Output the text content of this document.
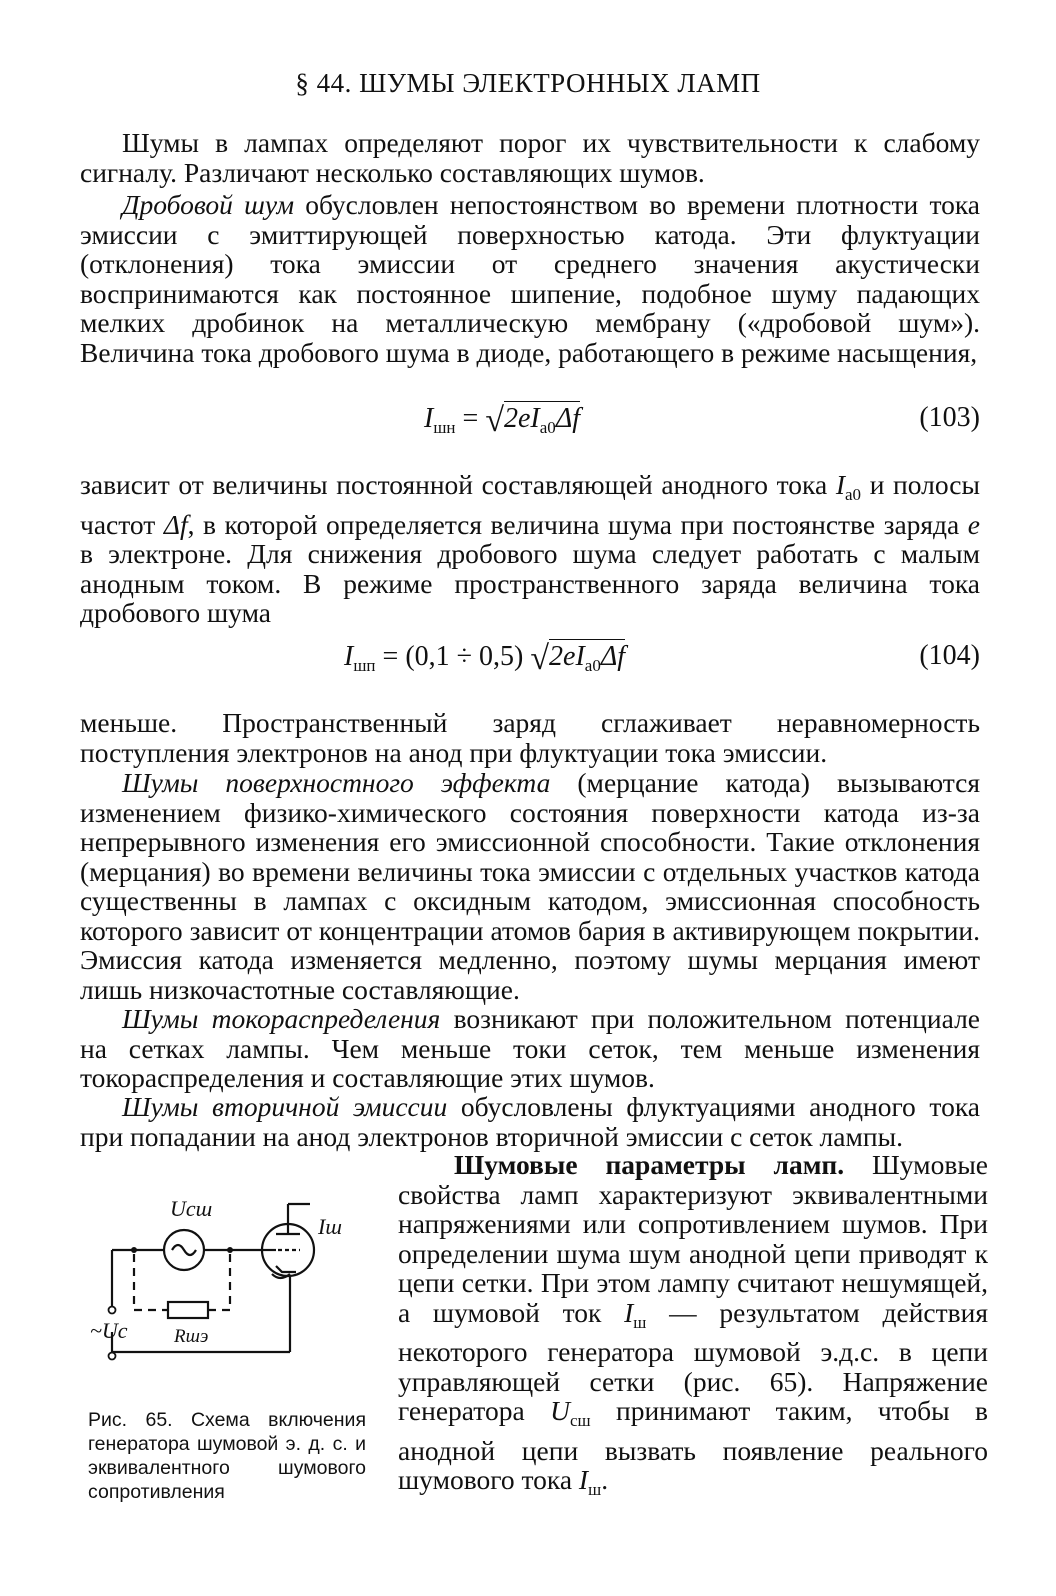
§ 44. ШУМЫ ЭЛЕКТРОННЫХ ЛАМП
Шумы в лампах определяют порог их чувствительности к слабому сигналу. Различают несколько составляющих шумов.
Дробовой шум обусловлен непостоянством во времени плотности тока эмиссии с эмиттирующей поверхностью катода. Эти флуктуации (отклонения) тока эмиссии от среднего значения акустически воспринимаются как постоянное шипение, подобное шуму падающих мелких дробинок на металлическую мембрану («дробовой шум»). Величина тока дробового шума в диоде, работающего в режиме насыщения,
$I_{шн} = √2eI_{a0}\Delta f$	(103)
зависит от величины постоянной составляющей анодного тока $I_{a0}$ и полосы частот Δf, в которой определяется величина шума при постоянстве заряда e в электроне. Для снижения дробового шума следует работать с малым анодным током. В режиме пространственного заряда величина тока дробового шума
$I_{шп} = (0,1 \div 0,5)$ $√2eI_{a0}\Delta f$	(104)
меньше. Пространственный заряд сглаживает неравномерность поступления электронов на анод при флуктуации тока эмиссии.
Шумы поверхностного эффекта (мерцание катода) вызываются изменением физико-химического состояния поверхности катода из-за непрерывного изменения его эмиссионной способности. Такие отклонения (мерцания) во времени величины тока эмиссии с отдельных участков катода существенны в лампах с оксидным катодом, эмиссионная способность которого зависит от концентрации атомов бария в активирующем покрытии. Эмиссия катода изменяется медленно, поэтому шумы мерцания имеют лишь низкочастотные составляющие.
Шумы токораспределения возникают при положительном потенциале на сетках лампы. Чем меньше токи сеток, тем меньше изменения токораспределения и составляющие этих шумов.
Шумы вторичной эмиссии обусловлены флуктуациями анодного тока при попадании на анод электронов вторичной эмиссии с сеток лампы.
Шумовые параметры ламп. Шумовые свойства ламп характеризуют эквивалентными напряжениями или сопротивлением шумов. При определении шума шум анодной цепи приводят к цепи сетки. При этом лампу считают нешумящей, а шумовой ток $I_ш$ — результатом действия некоторого генератора шумовой э.д.с. в цепи управляющей сетки (рис. 65). Напряжение генератора $U_{сш}$ принимают таким, чтобы в анодной цепи вызвать появление реального шумового тока $I_ш$.
Uсш
Iш
~Uс Rшэ
Рис. 65. Схема включения генератора шумовой э. д. с. и эквивалентного шумового сопротивления
